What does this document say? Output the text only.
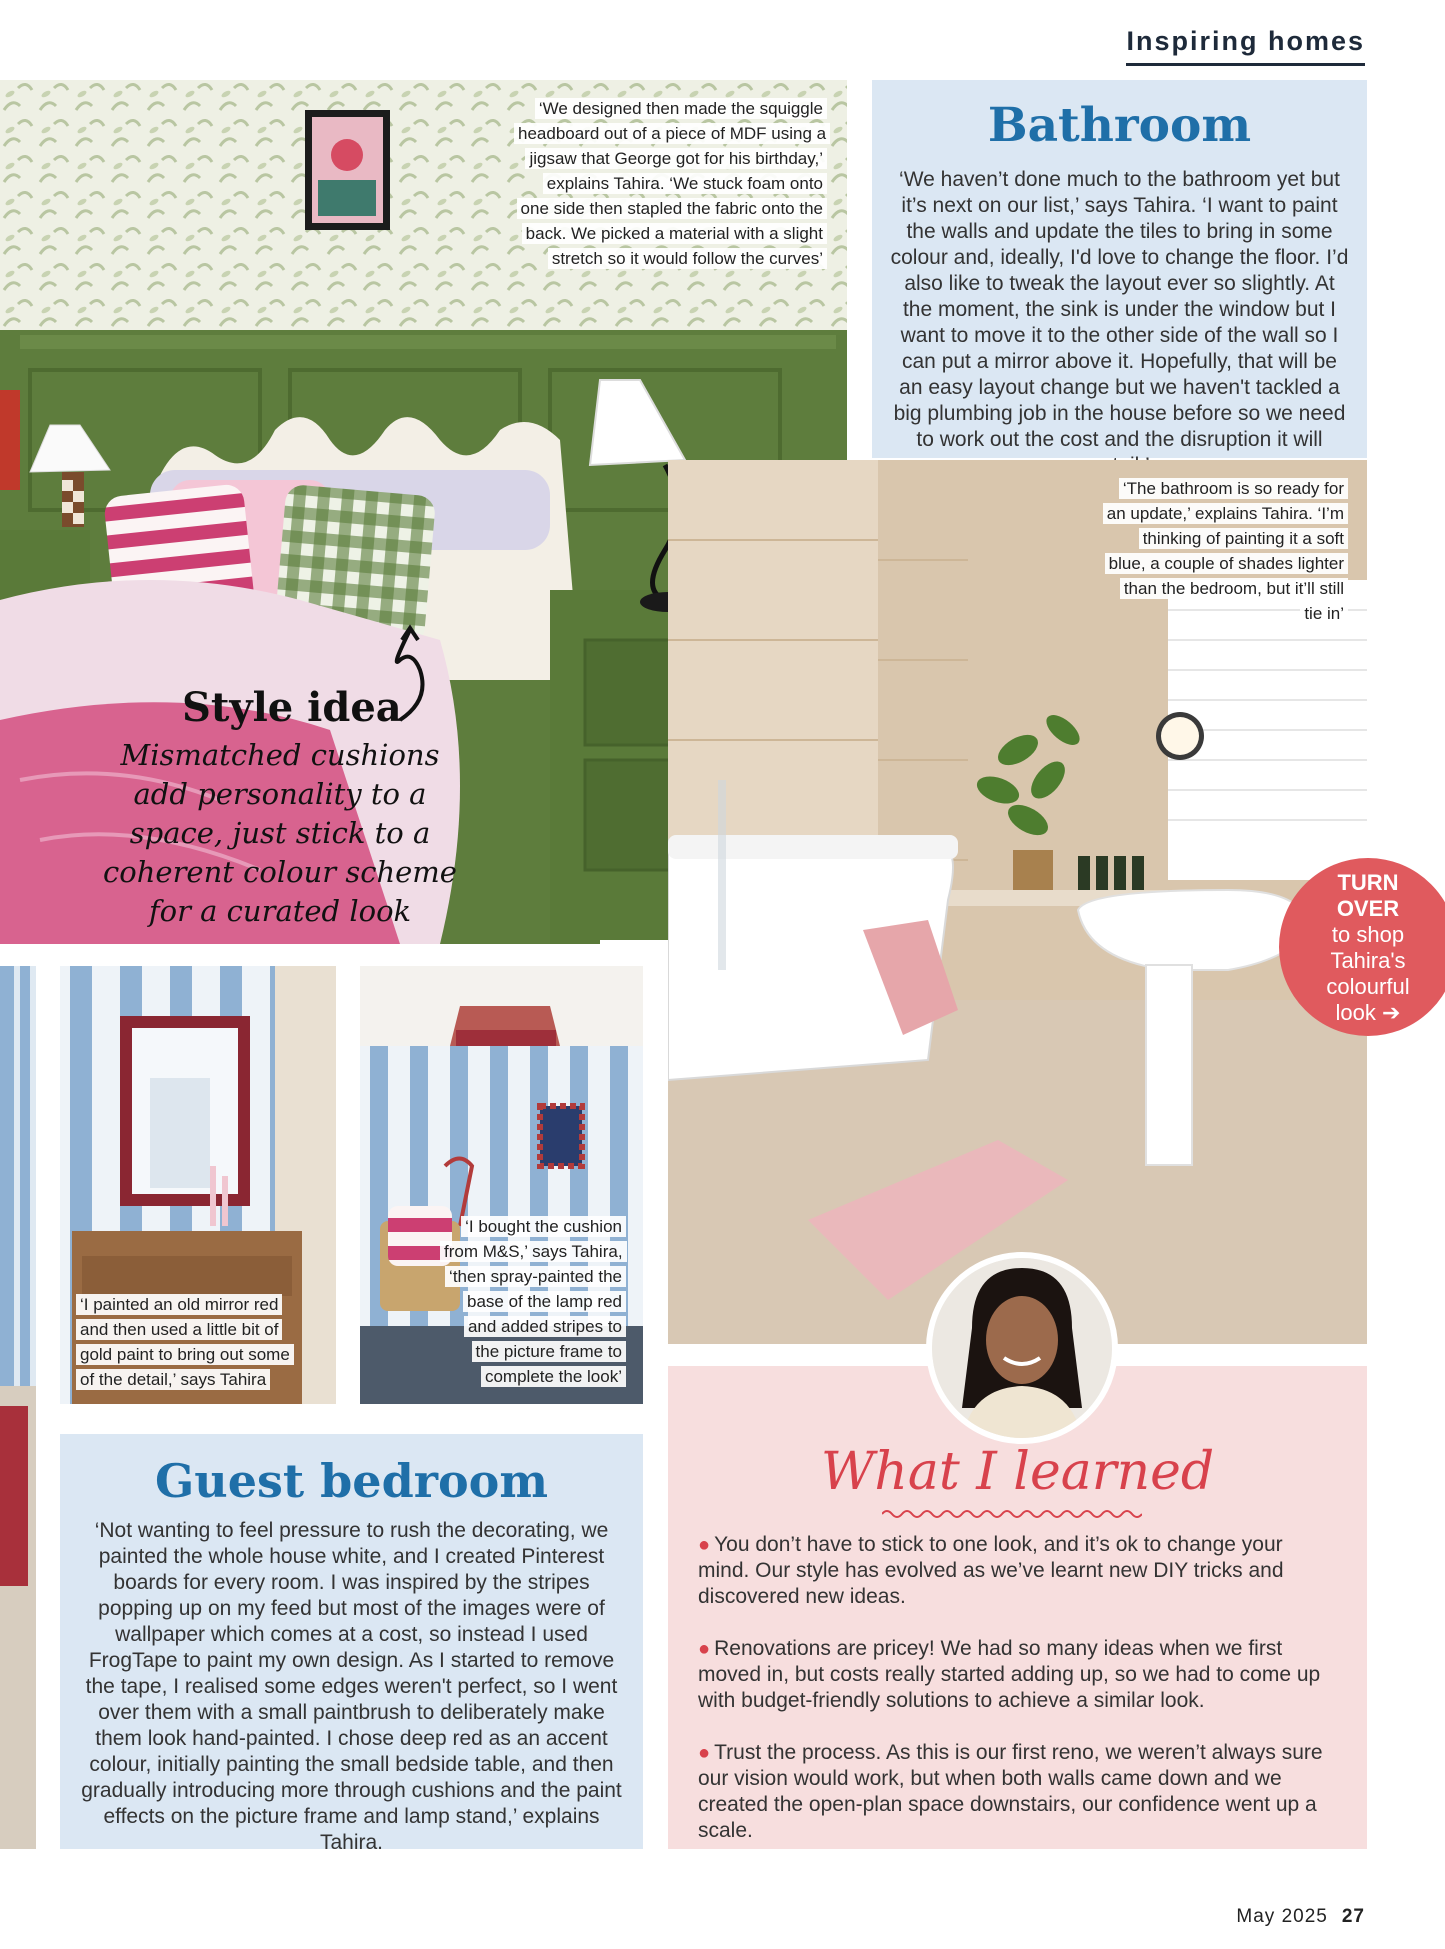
Inspiring homes
‘We designed then made the squiggle headboard out of a piece of MDF using a jigsaw that George got for his birthday,’ explains Tahira. ‘We stuck foam onto one side then stapled the fabric onto the back. We picked a material with a slight stretch so it would follow the curves’
Style idea
Mismatched cushions add personality to a space, just stick to a coherent colour scheme for a curated look
Bathroom
‘We haven’t done much to the bathroom yet but it’s next on our list,’ says Tahira. ‘I want to paint the walls and update the tiles to bring in some colour and, ideally, I'd love to change the floor. I’d also like to tweak the layout ever so slightly. At the moment, the sink is under the window but I want to move it to the other side of the wall so I can put a mirror above it. Hopefully, that will be an easy layout change but we haven't tackled a big plumbing job in the house before so we need to work out the cost and the disruption it will
‘The bathroom is so ready for an update,’ explains Tahira. ‘I’m thinking of painting it a soft blue, a couple of shades lighter than the bedroom, but it’ll still tie in’
TURN
OVER
to shop
Tahira's
colourful
look ➔
‘I painted an old mirror red and then used a little bit of gold paint to bring out some of the detail,’ says Tahira
‘I bought the cushion from M&S,’ says Tahira, ‘then spray-painted the base of the lamp red and added stripes to the picture frame to complete the look’
Guest bedroom
‘Not wanting to feel pressure to rush the decorating, we painted the whole house white, and I created Pinterest boards for every room. I was inspired by the stripes popping up on my feed but most of the images were of wallpaper which comes at a cost, so instead I used FrogTape to paint my own design. As I started to remove the tape, I realised some edges weren't perfect, so I went over them with a small paintbrush to deliberately make them look hand-painted. I chose deep red as an accent colour, initially painting the small bedside table, and then gradually introducing more through cushions and the paint effects on the picture frame and lamp stand,’ explains Tahira.
What I learned
● You don’t have to stick to one look, and it’s ok to change your mind. Our style has evolved as we’ve learnt new DIY tricks and discovered new ideas.
● Renovations are pricey! We had so many ideas when we first moved in, but costs really started adding up, so we had to come up with budget-friendly solutions to achieve a similar look.
● Trust the process. As this is our first reno, we weren’t always sure our vision would work, but when both walls came down and we created the open-plan space downstairs, our confidence went up a scale.
May 2025 27
